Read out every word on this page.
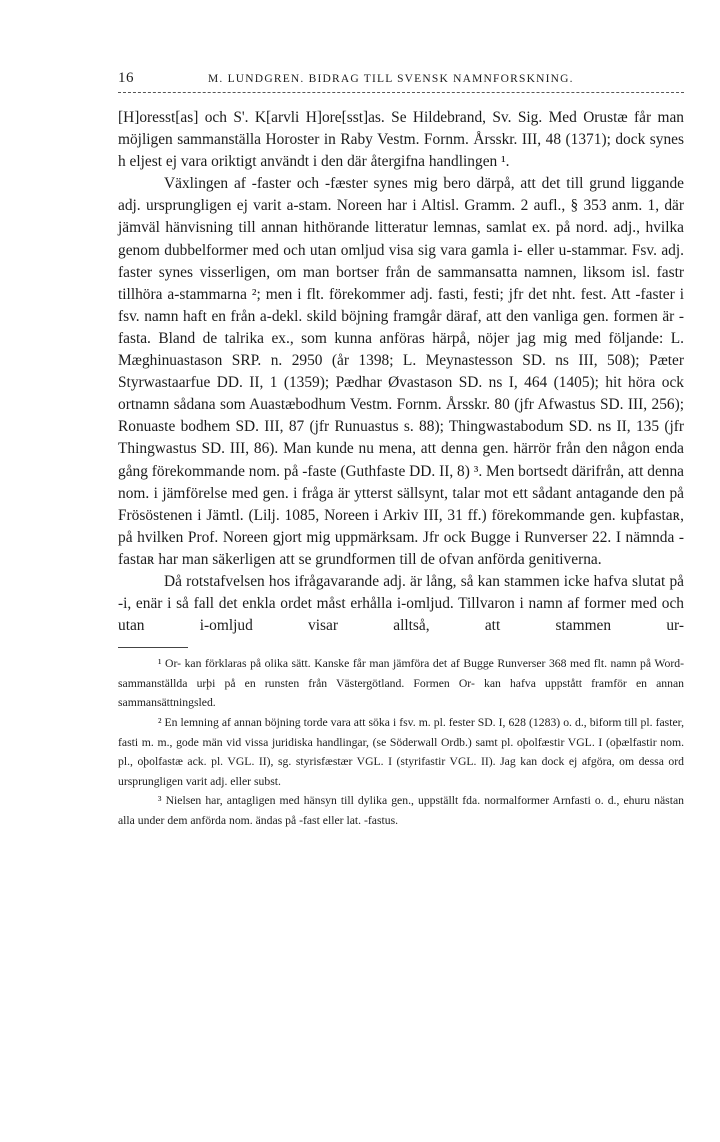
16	M. LUNDGREN. BIDRAG TILL SVENSK NAMNFORSKNING.

[H]oresst[as] och S'. K[arvli H]ore[sst]as. Se Hildebrand, Sv. Sig. Med Orustæ får man möjligen sammanställa Horoster in Raby Vestm. Fornm. Årsskr. III, 48 (1371); dock synes h eljest ej vara oriktigt användt i den där återgifna handlingen ¹.

Växlingen af -faster och -fæster synes mig bero därpå, att det till grund liggande adj. ursprungligen ej varit a-stam. Noreen har i Altisl. Gramm. 2 aufl., § 353 anm. 1, där jämväl hänvisning till annan hithörande litteratur lemnas, samlat ex. på nord. adj., hvilka genom dubbelformer med och utan omljud visa sig vara gamla i- eller u-stammar. Fsv. adj. faster synes visserligen, om man bortser från de sammansatta namnen, liksom isl. fastr tillhöra a-stammarna ²; men i flt. förekommer adj. fasti, festi; jfr det nht. fest. Att -faster i fsv. namn haft en från a-dekl. skild böjning framgår däraf, att den vanliga gen. formen är -fasta. Bland de talrika ex., som kunna anföras härpå, nöjer jag mig med följande: L. Mæghinuastason SRP. n. 2950 (år 1398; L. Meynastesson SD. ns III, 508); Pæter Styrwastaarfue DD. II, 1 (1359); Pædhar Øvastason SD. ns I, 464 (1405); hit höra ock ortnamn sådana som Auastæbodhum Vestm. Fornm. Årsskr. 80 (jfr Afwastus SD. III, 256); Ronuaste bodhem SD. III, 87 (jfr Runuastus s. 88); Thingwastabodum SD. ns II, 135 (jfr Thingwastus SD. III, 86). Man kunde nu mena, att denna gen. härrör från den någon enda gång förekommande nom. på -faste (Guthfaste DD. II, 8) ³. Men bortsedt därifrån, att denna nom. i jämförelse med gen. i fråga är ytterst sällsynt, talar mot ett sådant antagande den på Frösöstenen i Jämtl. (Lilj. 1085, Noreen i Arkiv III, 31 ff.) förekommande gen. kuþfastaʀ, på hvilken Prof. Noreen gjort mig uppmärksam. Jfr ock Bugge i Runverser 22. I nämnda -fastaʀ har man säkerligen att se grundformen till de ofvan anförda genitiverna.

Då rotstafvelsen hos ifrågavarande adj. är lång, så kan stammen icke hafva slutat på -i, enär i så fall det enkla ordet måst erhålla i-omljud. Tillvaron i namn af former med och utan i-omljud visar alltså, att stammen ur-

¹ Or- kan förklaras på olika sätt. Kanske får man jämföra det af Bugge Runverser 368 med flt. namn på Word- sammanställda urþi på en runsten från Västergötland. Formen Or- kan hafva uppstått framför en annan sammansättningsled.

² En lemning af annan böjning torde vara att söka i fsv. m. pl. fester SD. I, 628 (1283) o. d., biform till pl. faster, fasti m. m., gode män vid vissa juridiska handlingar, (se Söderwall Ordb.) samt pl. oþolfæstir VGL. I (oþælfastir nom. pl., oþolfastæ ack. pl. VGL. II), sg. styrisfæstær VGL. I (styrifastir VGL. II). Jag kan dock ej afgöra, om dessa ord ursprungligen varit adj. eller subst.

³ Nielsen har, antagligen med hänsyn till dylika gen., uppställt fda. normalformer Arnfasti o. d., ehuru nästan alla under dem anförda nom. ändas på -fast eller lat. -fastus.
